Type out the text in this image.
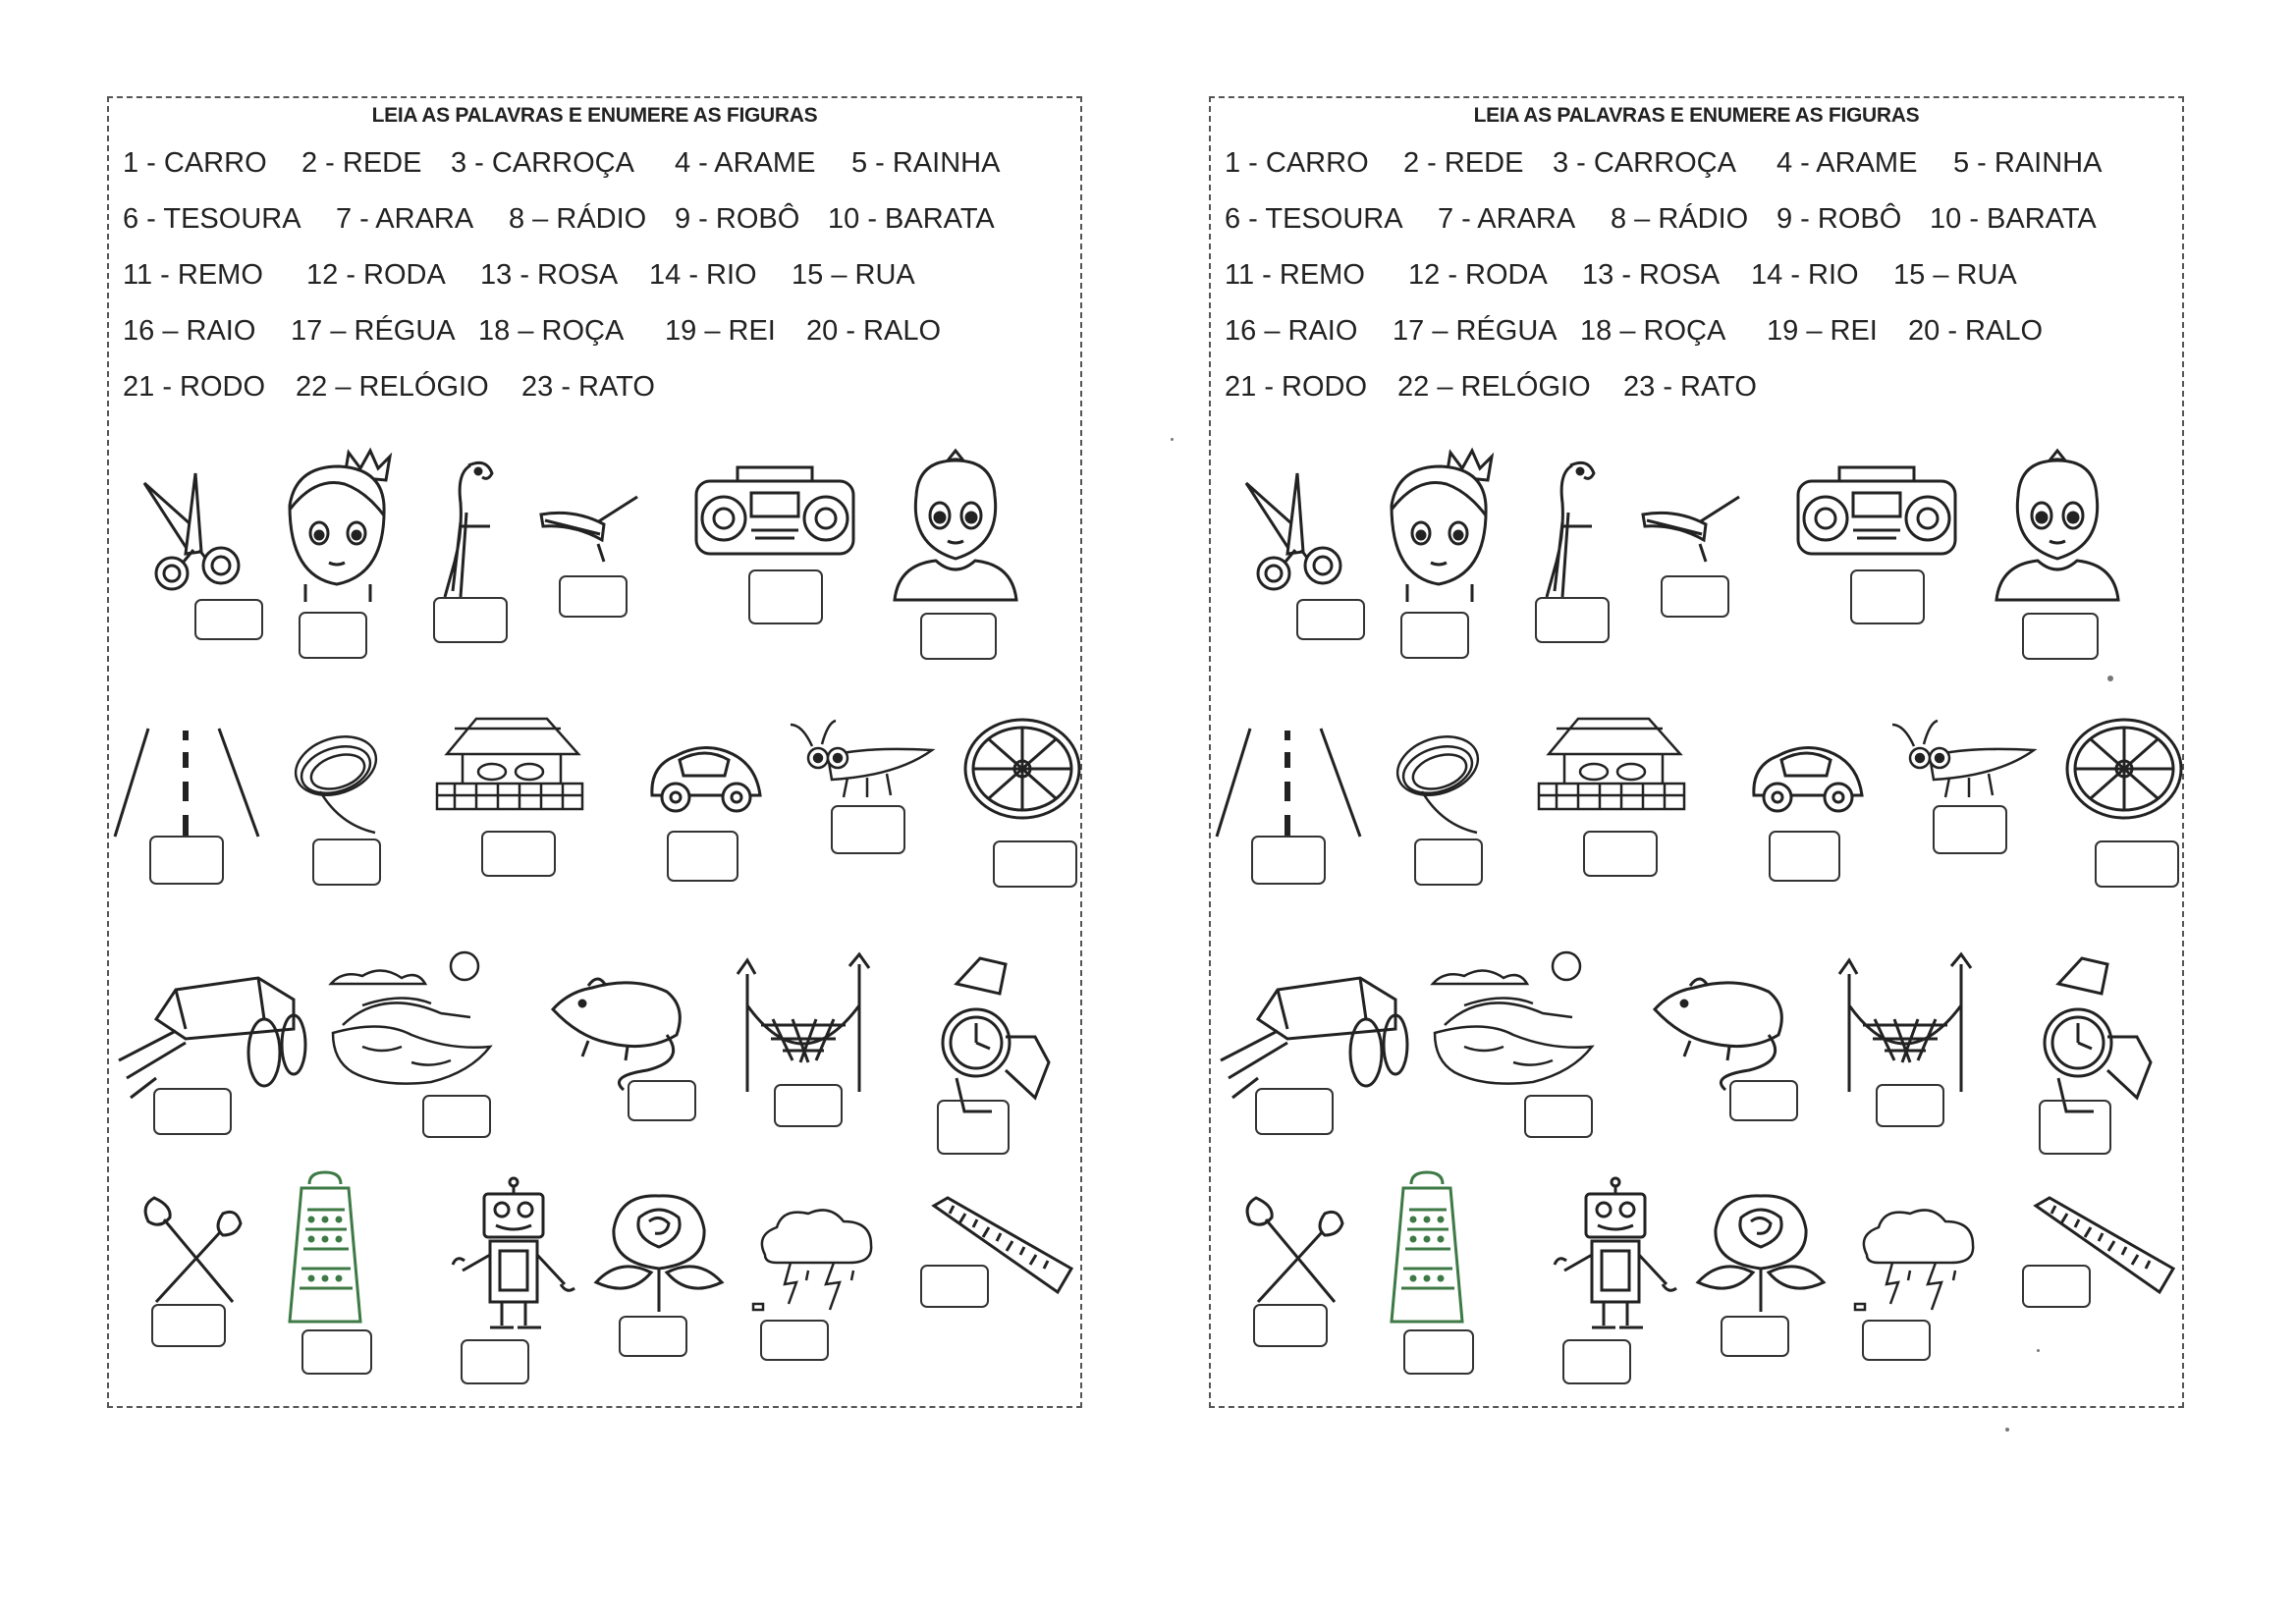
LEIA AS PALAVRAS E ENUMERE AS FIGURAS
1 - CARRO 2 - REDE 3 - CARROÇA 4 - ARAME 5 - RAINHA
6 - TESOURA 7 - ARARA 8 – RÁDIO 9 - ROBÔ 10 - BARATA
11 - REMO 12 - RODA 13 - ROSA 14 - RIO 15 – RUA
16 – RAIO 17 – RÉGUA 18 – ROÇA 19 – REI 20 - RALO
21 - RODO 22 – RELÓGIO 23 - RATO
LEIA AS PALAVRAS E ENUMERE AS FIGURAS
1 - CARRO 2 - REDE 3 - CARROÇA 4 - ARAME 5 - RAINHA
6 - TESOURA 7 - ARARA 8 – RÁDIO 9 - ROBÔ 10 - BARATA
11 - REMO 12 - RODA 13 - ROSA 14 - RIO 15 – RUA
16 – RAIO 17 – RÉGUA 18 – ROÇA 19 – REI 20 - RALO
21 - RODO 22 – RELÓGIO 23 - RATO
